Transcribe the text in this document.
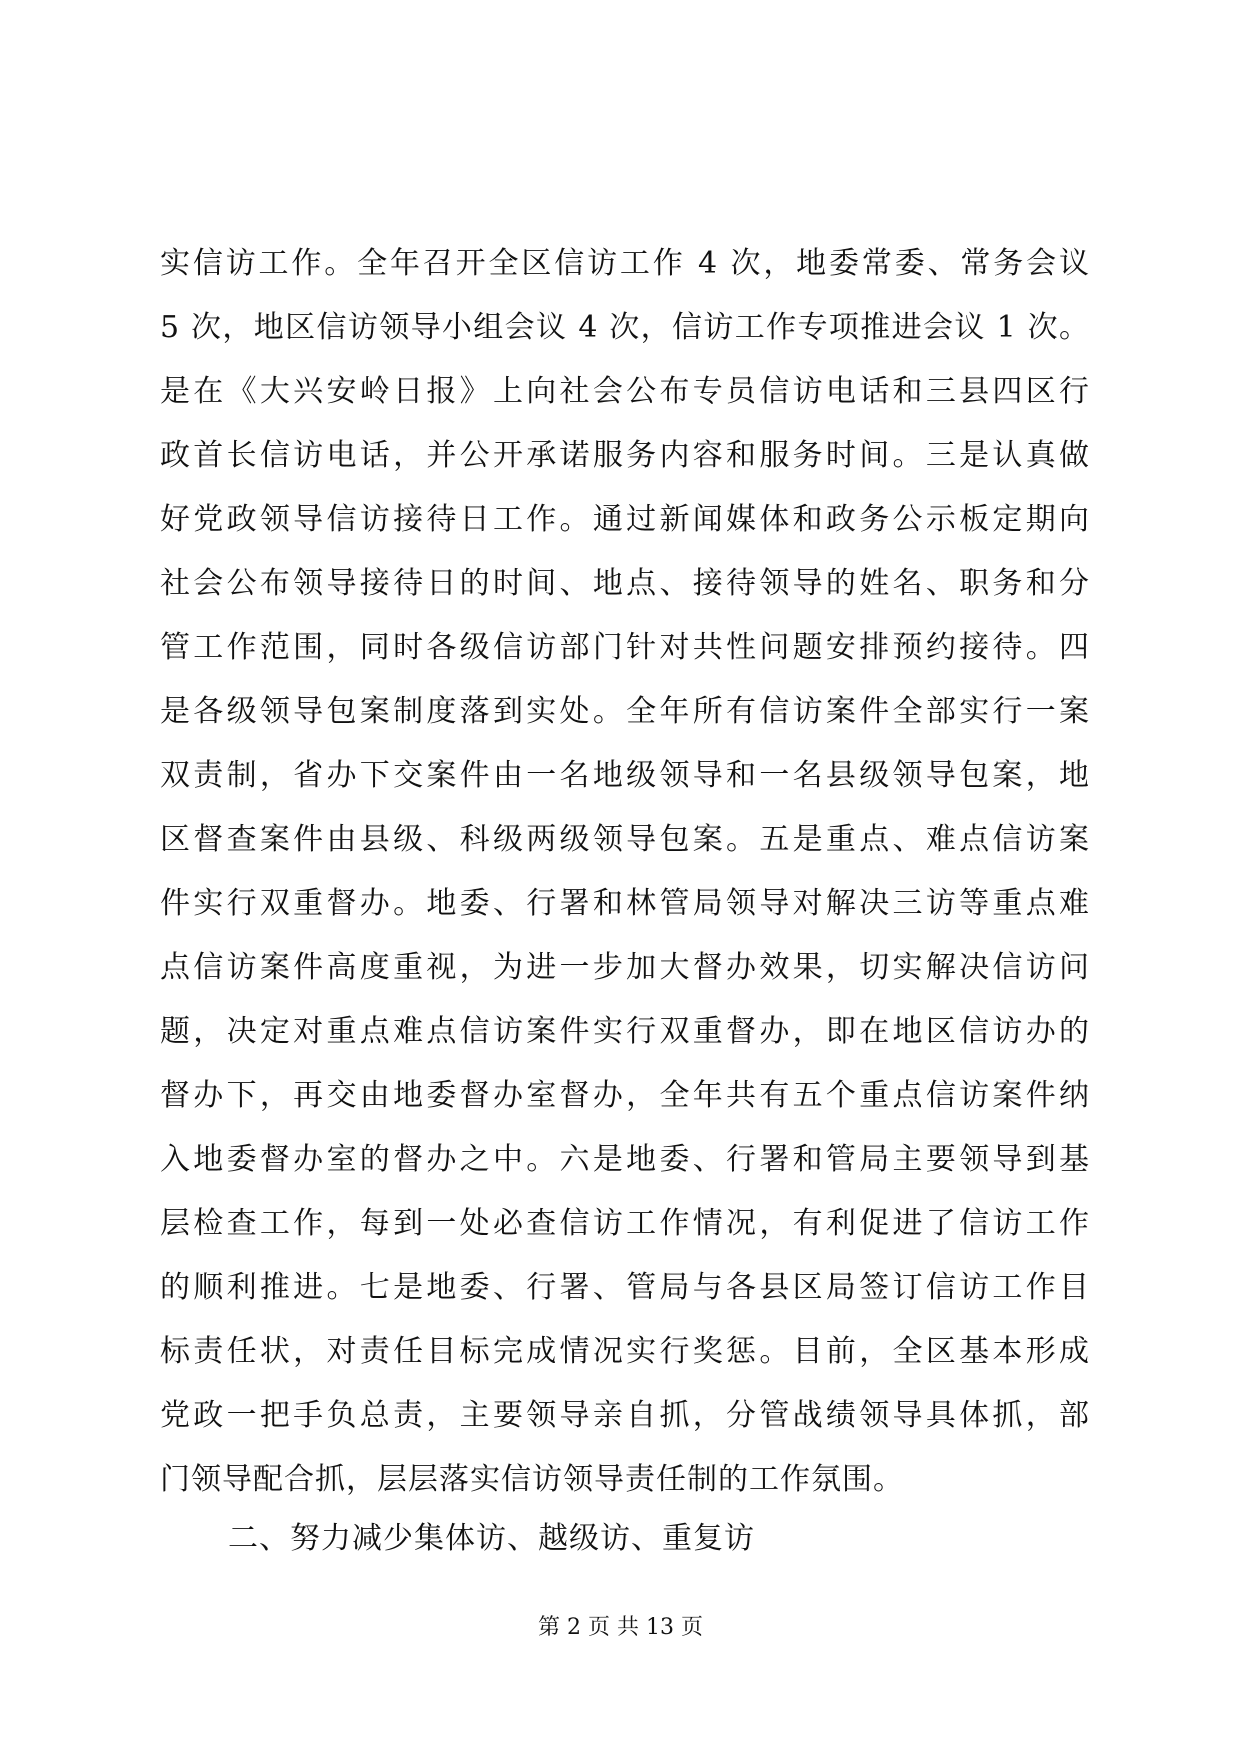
实信访工作。全年召开全区信访工作 4 次，地委常委、常务会议
5 次，地区信访领导小组会议 4 次，信访工作专项推进会议 1 次。
是在《大兴安岭日报》上向社会公布专员信访电话和三县四区行
政首长信访电话，并公开承诺服务内容和服务时间。三是认真做
好党政领导信访接待日工作。通过新闻媒体和政务公示板定期向
社会公布领导接待日的时间、地点、接待领导的姓名、职务和分
管工作范围，同时各级信访部门针对共性问题安排预约接待。四
是各级领导包案制度落到实处。全年所有信访案件全部实行一案
双责制，省办下交案件由一名地级领导和一名县级领导包案，地
区督查案件由县级、科级两级领导包案。五是重点、难点信访案
件实行双重督办。地委、行署和林管局领导对解决三访等重点难
点信访案件高度重视，为进一步加大督办效果，切实解决信访问
题，决定对重点难点信访案件实行双重督办，即在地区信访办的
督办下，再交由地委督办室督办，全年共有五个重点信访案件纳
入地委督办室的督办之中。六是地委、行署和管局主要领导到基
层检查工作，每到一处必查信访工作情况，有利促进了信访工作
的顺利推进。七是地委、行署、管局与各县区局签订信访工作目
标责任状，对责任目标完成情况实行奖惩。目前，全区基本形成
党政一把手负总责，主要领导亲自抓，分管战绩领导具体抓，部
门领导配合抓，层层落实信访领导责任制的工作氛围。
二、努力减少集体访、越级访、重复访
第 2 页 共 13 页
